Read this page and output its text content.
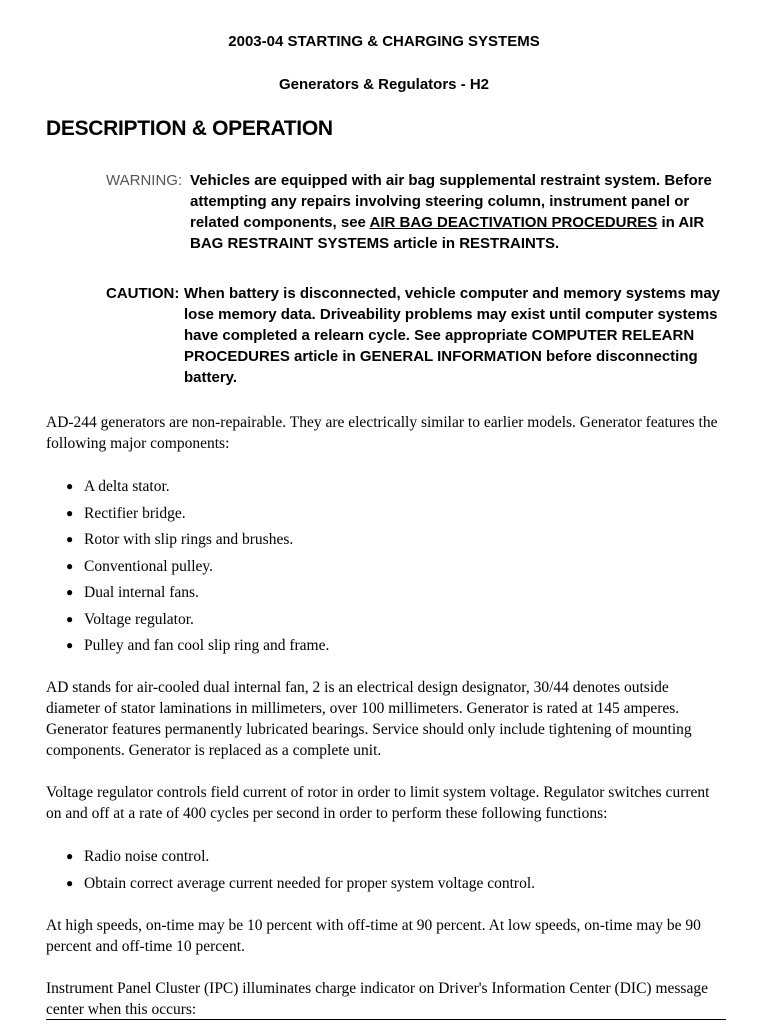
2003-04 STARTING & CHARGING SYSTEMS

Generators & Regulators - H2

DESCRIPTION & OPERATION
WARNING: Vehicles are equipped with air bag supplemental restraint system. Before attempting any repairs involving steering column, instrument panel or related components, see AIR BAG DEACTIVATION PROCEDURES in AIR BAG RESTRAINT SYSTEMS article in RESTRAINTS.
CAUTION: When battery is disconnected, vehicle computer and memory systems may lose memory data. Driveability problems may exist until computer systems have completed a relearn cycle. See appropriate COMPUTER RELEARN PROCEDURES article in GENERAL INFORMATION before disconnecting battery.

AD-244 generators are non-repairable. They are electrically similar to earlier models. Generator features the following major components:

● A delta stator.
● Rectifier bridge.
● Rotor with slip rings and brushes.
● Conventional pulley.
● Dual internal fans.
● Voltage regulator.
● Pulley and fan cool slip ring and frame.

AD stands for air-cooled dual internal fan, 2 is an electrical design designator, 30/44 denotes outside diameter of stator laminations in millimeters, over 100 millimeters. Generator is rated at 145 amperes. Generator features permanently lubricated bearings. Service should only include tightening of mounting components. Generator is replaced as a complete unit.

Voltage regulator controls field current of rotor in order to limit system voltage. Regulator switches current on and off at a rate of 400 cycles per second in order to perform these following functions:

● Radio noise control.
● Obtain correct average current needed for proper system voltage control.

At high speeds, on-time may be 10 percent with off-time at 90 percent. At low speeds, on-time may be 90 percent and off-time 10 percent.

Instrument Panel Cluster (IPC) illuminates charge indicator on Driver's Information Center (DIC) message center when this occurs:
